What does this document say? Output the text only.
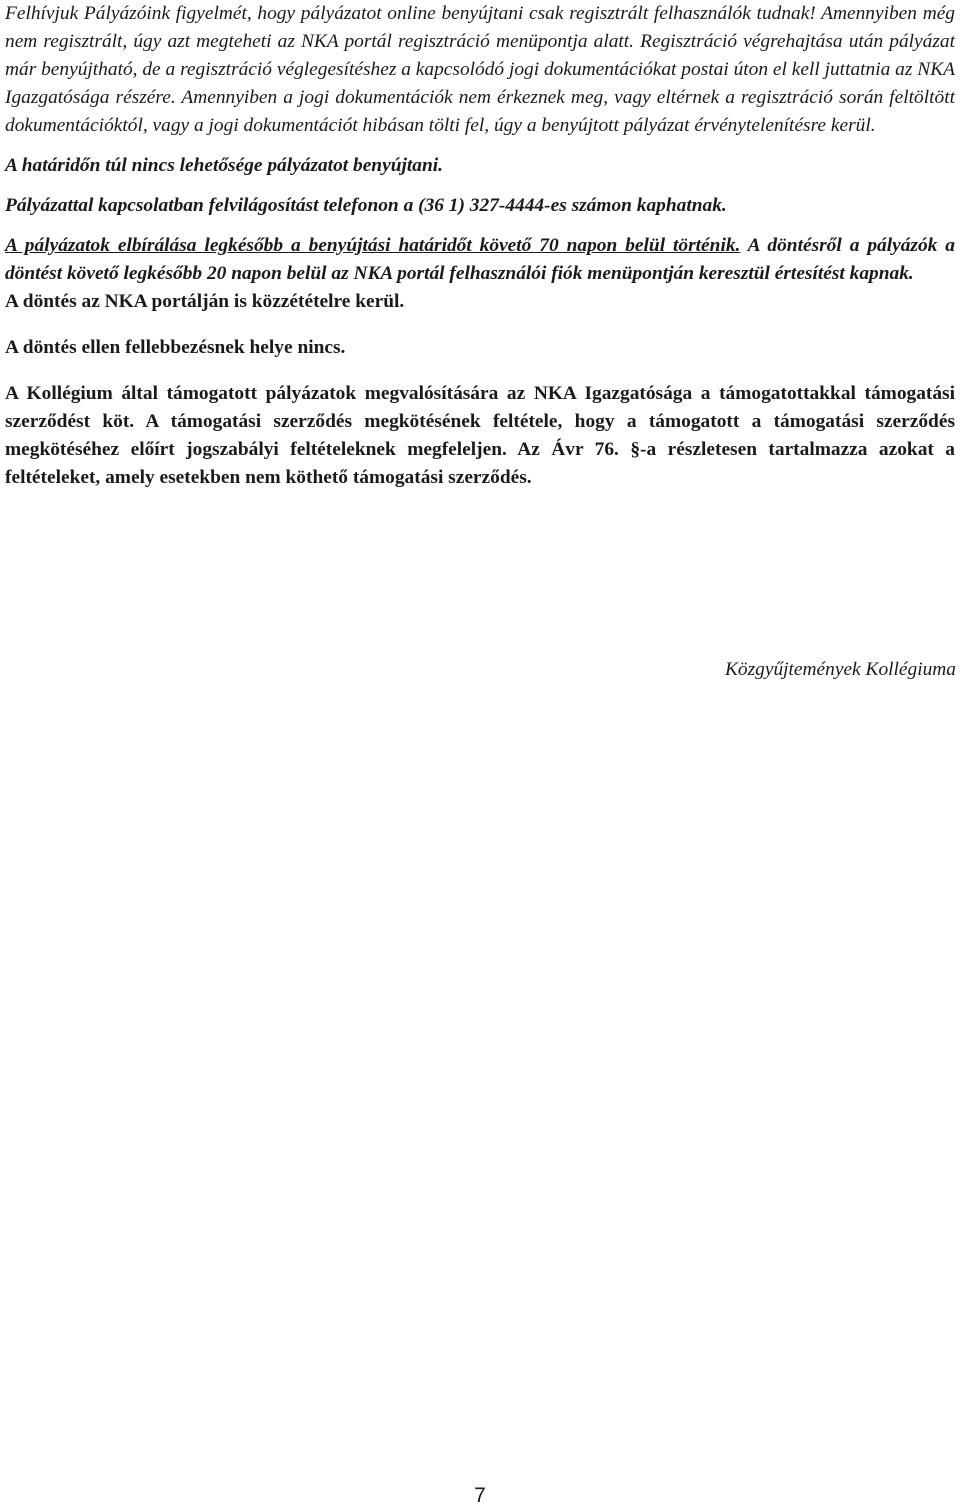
Felhívjuk Pályázóink figyelmét, hogy pályázatot online benyújtani csak regisztrált felhasználók tudnak! Amennyiben még nem regisztrált, úgy azt megteheti az NKA portál regisztráció menüpontja alatt. Regisztráció végrehajtása után pályázat már benyújtható, de a regisztráció véglegesítéshez a kapcsolódó jogi dokumentációkat postai úton el kell juttatnia az NKA Igazgatósága részére. Amennyiben a jogi dokumentációk nem érkeznek meg, vagy eltérnek a regisztráció során feltöltött dokumentációktól, vagy a jogi dokumentációt hibásan tölti fel, úgy a benyújtott pályázat érvénytelenítésre kerül.

A határidőn túl nincs lehetősége pályázatot benyújtani.

Pályázattal kapcsolatban felvilágosítást telefonon a (36 1) 327-4444-es számon kaphatnak.

A pályázatok elbírálása legkésőbb a benyújtási határidőt követő 70 napon belül történik. A döntésről a pályázók a döntést követő legkésőbb 20 napon belül az NKA portál felhasználói fiók menüpontján keresztül értesítést kapnak.

A döntés az NKA portálján is közzétételre kerül.

A döntés ellen fellebbezésnek helye nincs.

A Kollégium által támogatott pályázatok megvalósítására az NKA Igazgatósága a támogatottakkal támogatási szerződést köt. A támogatási szerződés megkötésének feltétele, hogy a támogatott a támogatási szerződés megkötéséhez előírt jogszabályi feltételeknek megfeleljen. Az Ávr 76. §-a részletesen tartalmazza azokat a feltételeket, amely esetekben nem köthető támogatási szerződés.

Közgyűjtemények Kollégiuma
7
